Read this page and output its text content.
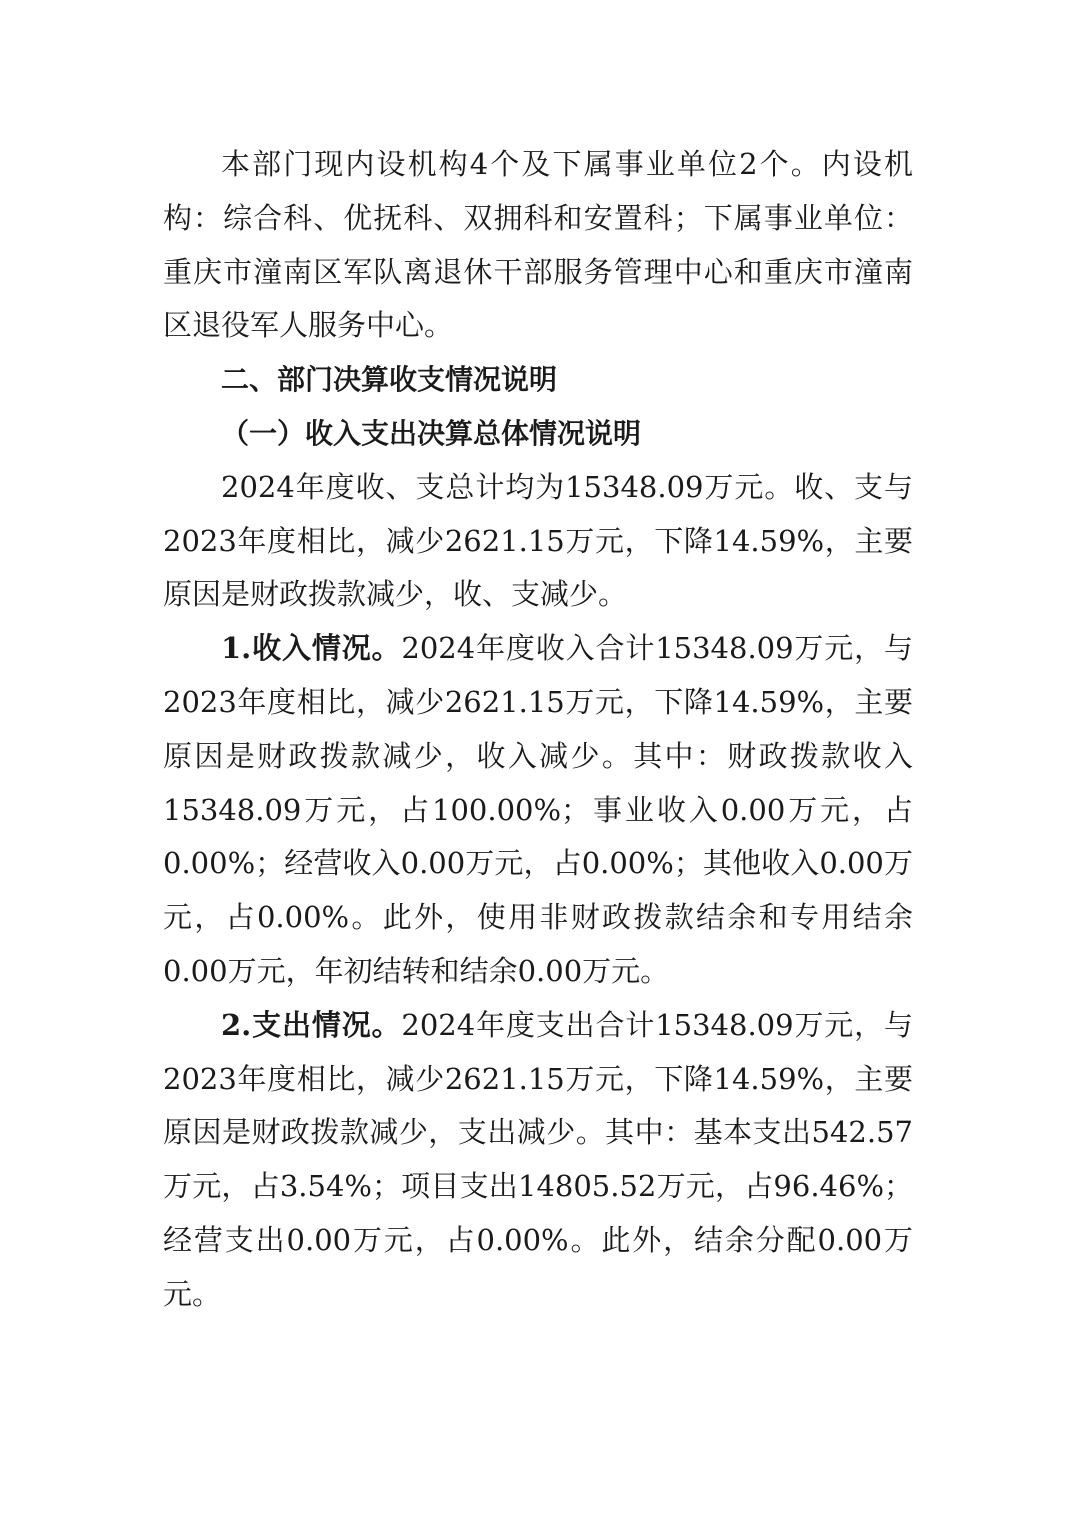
本部门现内设机构4个及下属事业单位2个。内设机构：综合科、优抚科、双拥科和安置科；下属事业单位：重庆市潼南区军队离退休干部服务管理中心和重庆市潼南区退役军人服务中心。

二、部门决算收支情况说明

（一）收入支出决算总体情况说明

2024年度收、支总计均为15348.09万元。收、支与2023年度相比，减少2621.15万元，下降14.59%，主要原因是财政拨款减少，收、支减少。

1.收入情况。2024年度收入合计15348.09万元，与2023年度相比，减少2621.15万元，下降14.59%，主要原因是财政拨款减少，收入减少。其中：财政拨款收入15348.09万元，占100.00%；事业收入0.00万元，占0.00%；经营收入0.00万元，占0.00%；其他收入0.00万元，占0.00%。此外，使用非财政拨款结余和专用结余0.00万元，年初结转和结余0.00万元。

2.支出情况。2024年度支出合计15348.09万元，与2023年度相比，减少2621.15万元，下降14.59%，主要原因是财政拨款减少，支出减少。其中：基本支出542.57万元，占3.54%；项目支出14805.52万元，占96.46%；经营支出0.00万元，占0.00%。此外，结余分配0.00万元。
